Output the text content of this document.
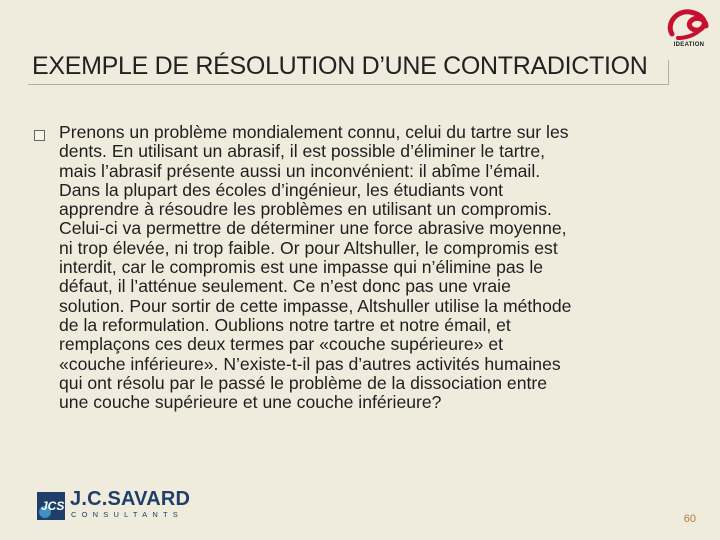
IDEATION
EXEMPLE DE RÉSOLUTION D’UNE CONTRADICTION
Prenons un problème mondialement connu, celui du tartre sur les
dents. En utilisant un abrasif, il est possible d’éliminer le tartre,
mais l’abrasif présente aussi un inconvénient: il abîme l’émail.
Dans la plupart des écoles d’ingénieur, les étudiants vont
apprendre à résoudre les problèmes en utilisant un compromis.
Celui-ci va permettre de déterminer une force abrasive moyenne,
ni trop élevée, ni trop faible. Or pour Altshuller, le compromis est
interdit, car le compromis est une impasse qui n’élimine pas le
défaut, il l’atténue seulement. Ce n’est donc pas une vraie
solution. Pour sortir de cette impasse, Altshuller utilise la méthode
de la reformulation. Oublions notre tartre et notre émail, et
remplaçons ces deux termes par «couche supérieure» et
«couche inférieure». N’existe-t-il pas d’autres activités humaines
qui ont résolu par le passé le problème de la dissociation entre
une couche supérieure et une couche inférieure?
JCS J.C.SAVARD
CONSULTANTS	60
